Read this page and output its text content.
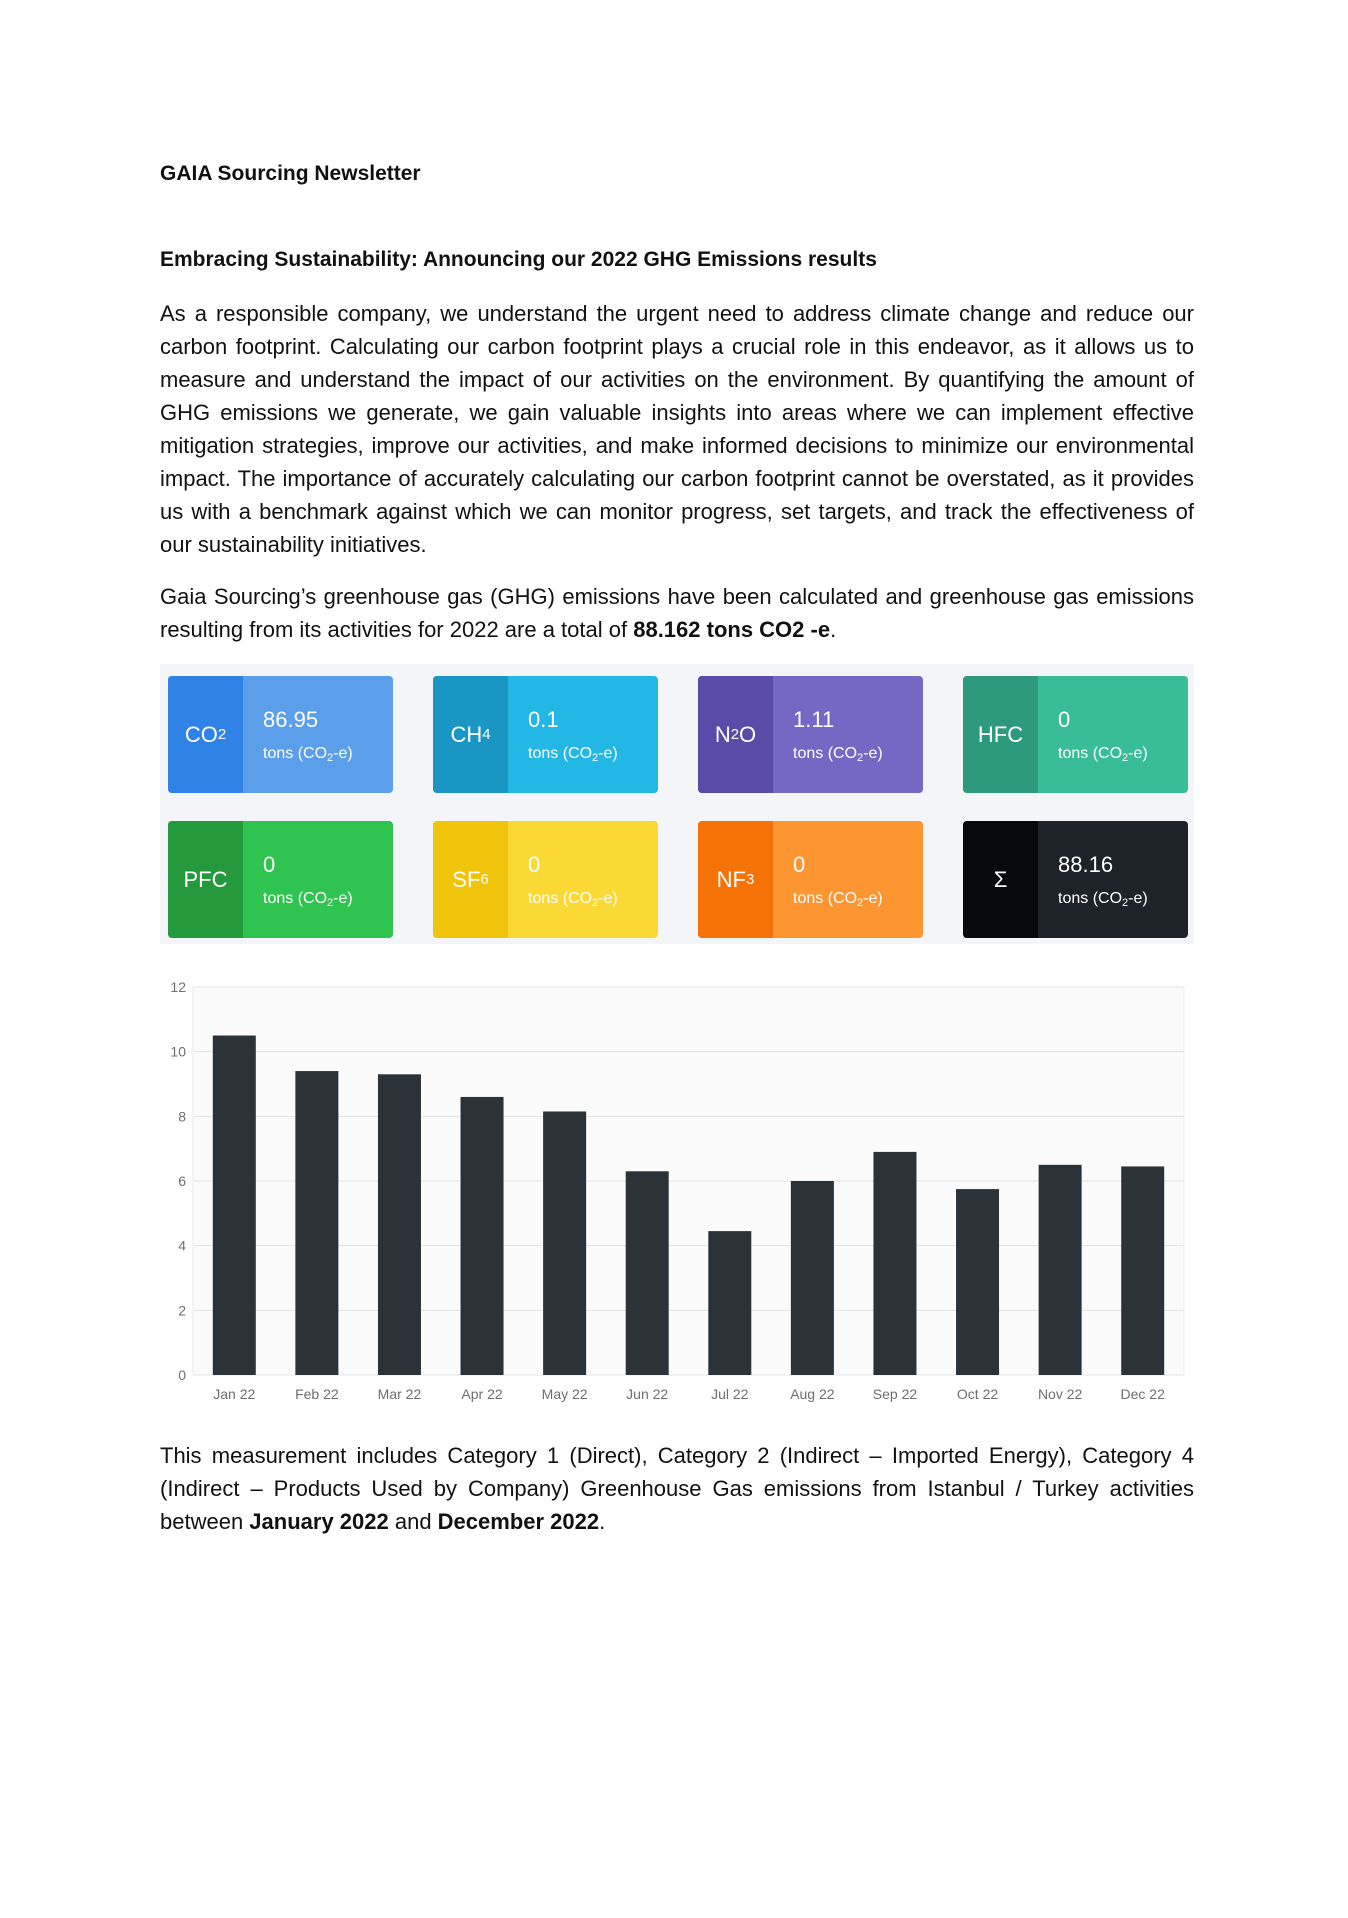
GAIA Sourcing Newsletter
Embracing Sustainability: Announcing our 2022 GHG Emissions results

As a responsible company, we understand the urgent need to address climate change and reduce our carbon footprint. Calculating our carbon footprint plays a crucial role in this endeavor, as it allows us to measure and understand the impact of our activities on the environment. By quantifying the amount of GHG emissions we generate, we gain valuable insights into areas where we can implement effective mitigation strategies, improve our activities, and make informed decisions to minimize our environmental impact. The importance of accurately calculating our carbon footprint cannot be overstated, as it provides us with a benchmark against which we can monitor progress, set targets, and track the effectiveness of our sustainability initiatives.

Gaia Sourcing’s greenhouse gas (GHG) emissions have been calculated and greenhouse gas emissions resulting from its activities for 2022 are a total of 88.162 tons CO2 -e.

CO 2
86.95
tons $(CO_2-e)$
CH 4
0.1
tons $(CO_2-e)$
N 2 O
1.11
tons $(CO_2-e)$
HFC
0
tons $(CO_2-e)$
PFC
0
tons $(CO_2-e)$
SF 6
0
tons $(CO_2-e)$
NF 3
0
tons $(CO_2-e)$
Σ
88.16
tons $(CO_2-e)$
0
2
4
6
8
10
12
Jan 22	Feb 22	Mar 22	Apr 22	May 22	Jun 22	Jul 22	Aug 22	Sep 22	Oct 22	Nov 22	Dec 22

This measurement includes Category 1 (Direct), Category 2 (Indirect – Imported Energy), Category 4 (Indirect – Products Used by Company) Greenhouse Gas emissions from Istanbul / Turkey activities between January 2022 and December 2022.
